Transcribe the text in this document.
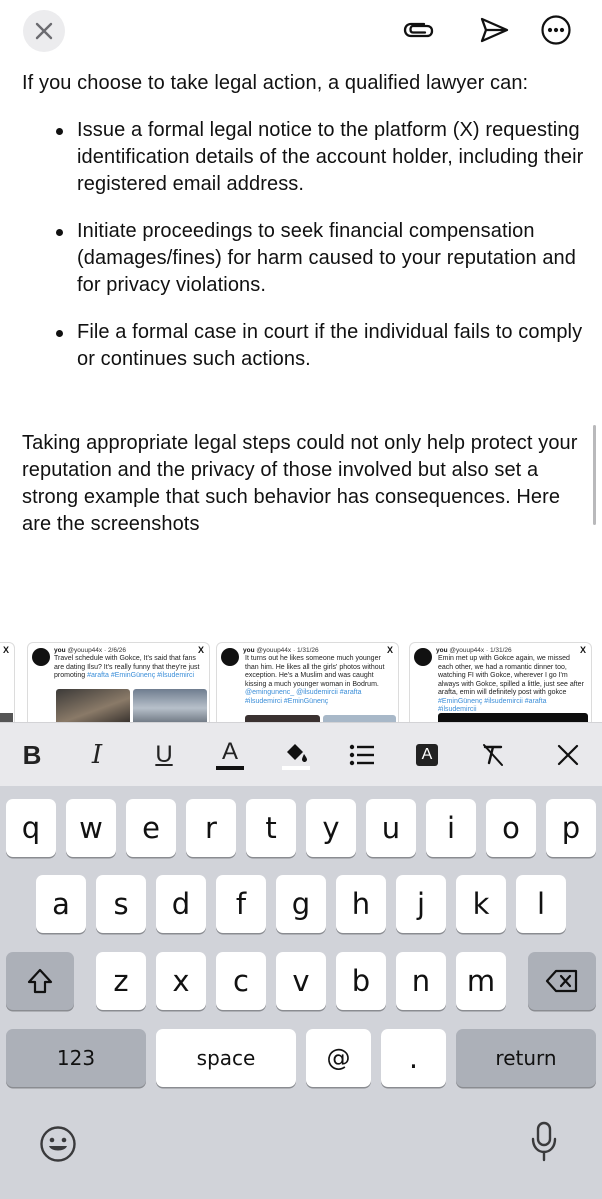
If you choose to take legal action, a qualified lawyer can:

Issue a formal legal notice to the platform (X) requesting identification details of the account holder, including their registered email address.
Initiate proceedings to seek financial compensation (damages/fines) for harm caused to your reputation and for privacy violations.
File a formal case in court if the individual fails to comply or continues such actions.

Taking appropriate legal steps could not only help protect your reputation and the privacy of those involved but also set a strong example that such behavior has consequences. Here are the screenshots

X	you @youup44x · 2/6/26	X
Travel schedule with Gokce, It's said that fans are dating Ilsu? It's really funny that they're just promoting #arafta #EminGünenç #ilsudemirci
you @youup44x · 1/31/26	X
It turns out he likes someone much younger than him. He likes all the girls' photos without exception. He's a Muslim and was caught kissing a much younger woman in Bodrum. @emingunenc_ @ilsudemircii #arafta #ilsudemirci #EminGünenç
you @youup44x · 1/31/26	X
Emin met up with Gokce again, we missed each other, we had a romantic dinner too, watching FI with Gokce, wherever I go I'm always with Gokce, spilled a little, just see after arafta, emin will definitely post with gokce #EminGünenç #ilsudemircii #arafta #ilsudemircii
B	I	U	A	A
q	w	e	r	t	y	u	i	o	p
a	s	d	f	g	h	j	k	l
z	x	c	v	b	n	m
123	space	@	.	return
